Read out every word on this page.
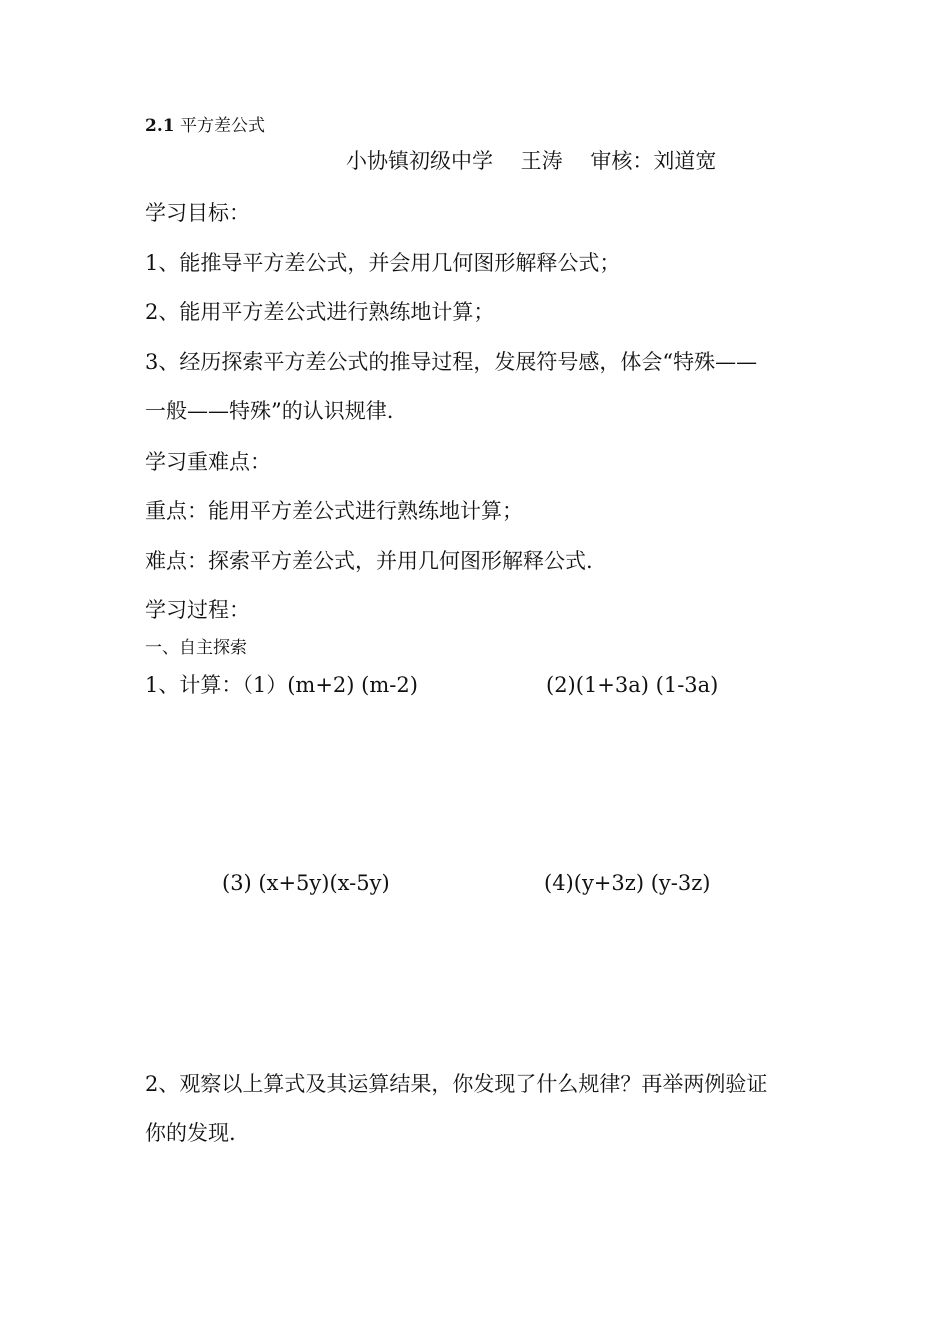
2.1 平方差公式
小协镇初级中学　 王涛　 审核：刘道宽
学习目标：
1、能推导平方差公式，并会用几何图形解释公式；
2、能用平方差公式进行熟练地计算；
3、经历探索平方差公式的推导过程，发展符号感，体会“特殊——
一般——特殊”的认识规律.
学习重难点：
重点：能用平方差公式进行熟练地计算；
难点：探索平方差公式，并用几何图形解释公式.
学习过程：
一、自主探索
1、计算：（1）(m+2) (m-2)	(2)(1+3a) (1-3a)
(3) (x+5y)(x-5y)	(4)(y+3z) (y-3z)
2、观察以上算式及其运算结果，你发现了什么规律？再举两例验证
你的发现.
